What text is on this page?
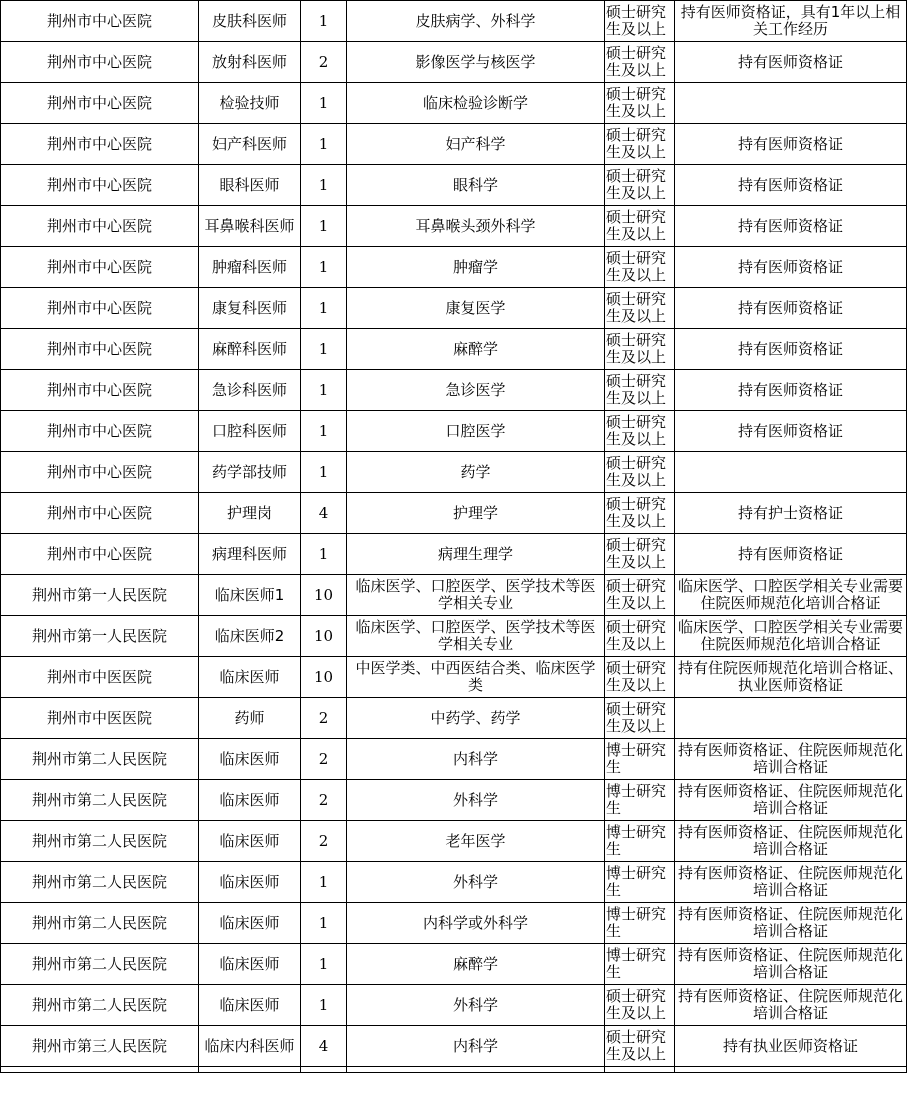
荆州市中心医院	皮肤科医师	1	皮肤病学、外科学	硕士研究生及以上	持有医师资格证，具有1年以上相关工作经历
荆州市中心医院	放射科医师	2	影像医学与核医学	硕士研究生及以上	持有医师资格证
荆州市中心医院	检验技师	1	临床检验诊断学	硕士研究生及以上	
荆州市中心医院	妇产科医师	1	妇产科学	硕士研究生及以上	持有医师资格证
荆州市中心医院	眼科医师	1	眼科学	硕士研究生及以上	持有医师资格证
荆州市中心医院	耳鼻喉科医师	1	耳鼻喉头颈外科学	硕士研究生及以上	持有医师资格证
荆州市中心医院	肿瘤科医师	1	肿瘤学	硕士研究生及以上	持有医师资格证
荆州市中心医院	康复科医师	1	康复医学	硕士研究生及以上	持有医师资格证
荆州市中心医院	麻醉科医师	1	麻醉学	硕士研究生及以上	持有医师资格证
荆州市中心医院	急诊科医师	1	急诊医学	硕士研究生及以上	持有医师资格证
荆州市中心医院	口腔科医师	1	口腔医学	硕士研究生及以上	持有医师资格证
荆州市中心医院	药学部技师	1	药学	硕士研究生及以上	
荆州市中心医院	护理岗	4	护理学	硕士研究生及以上	持有护士资格证
荆州市中心医院	病理科医师	1	病理生理学	硕士研究生及以上	持有医师资格证
荆州市第一人民医院	临床医师1	10	临床医学、口腔医学、医学技术等医学相关专业	硕士研究生及以上	临床医学、口腔医学相关专业需要住院医师规范化培训合格证
荆州市第一人民医院	临床医师2	10	临床医学、口腔医学、医学技术等医学相关专业	硕士研究生及以上	临床医学、口腔医学相关专业需要住院医师规范化培训合格证
荆州市中医医院	临床医师	10	中医学类、中西医结合类、临床医学类	硕士研究生及以上	持有住院医师规范化培训合格证、执业医师资格证
荆州市中医医院	药师	2	中药学、药学	硕士研究生及以上	
荆州市第二人民医院	临床医师	2	内科学	博士研究生	持有医师资格证、住院医师规范化培训合格证
荆州市第二人民医院	临床医师	2	外科学	博士研究生	持有医师资格证、住院医师规范化培训合格证
荆州市第二人民医院	临床医师	2	老年医学	博士研究生	持有医师资格证、住院医师规范化培训合格证
荆州市第二人民医院	临床医师	1	外科学	博士研究生	持有医师资格证、住院医师规范化培训合格证
荆州市第二人民医院	临床医师	1	内科学或外科学	博士研究生	持有医师资格证、住院医师规范化培训合格证
荆州市第二人民医院	临床医师	1	麻醉学	博士研究生	持有医师资格证、住院医师规范化培训合格证
荆州市第二人民医院	临床医师	1	外科学	硕士研究生及以上	持有医师资格证、住院医师规范化培训合格证
荆州市第三人民医院	临床内科医师	4	内科学	硕士研究生及以上	持有执业医师资格证
